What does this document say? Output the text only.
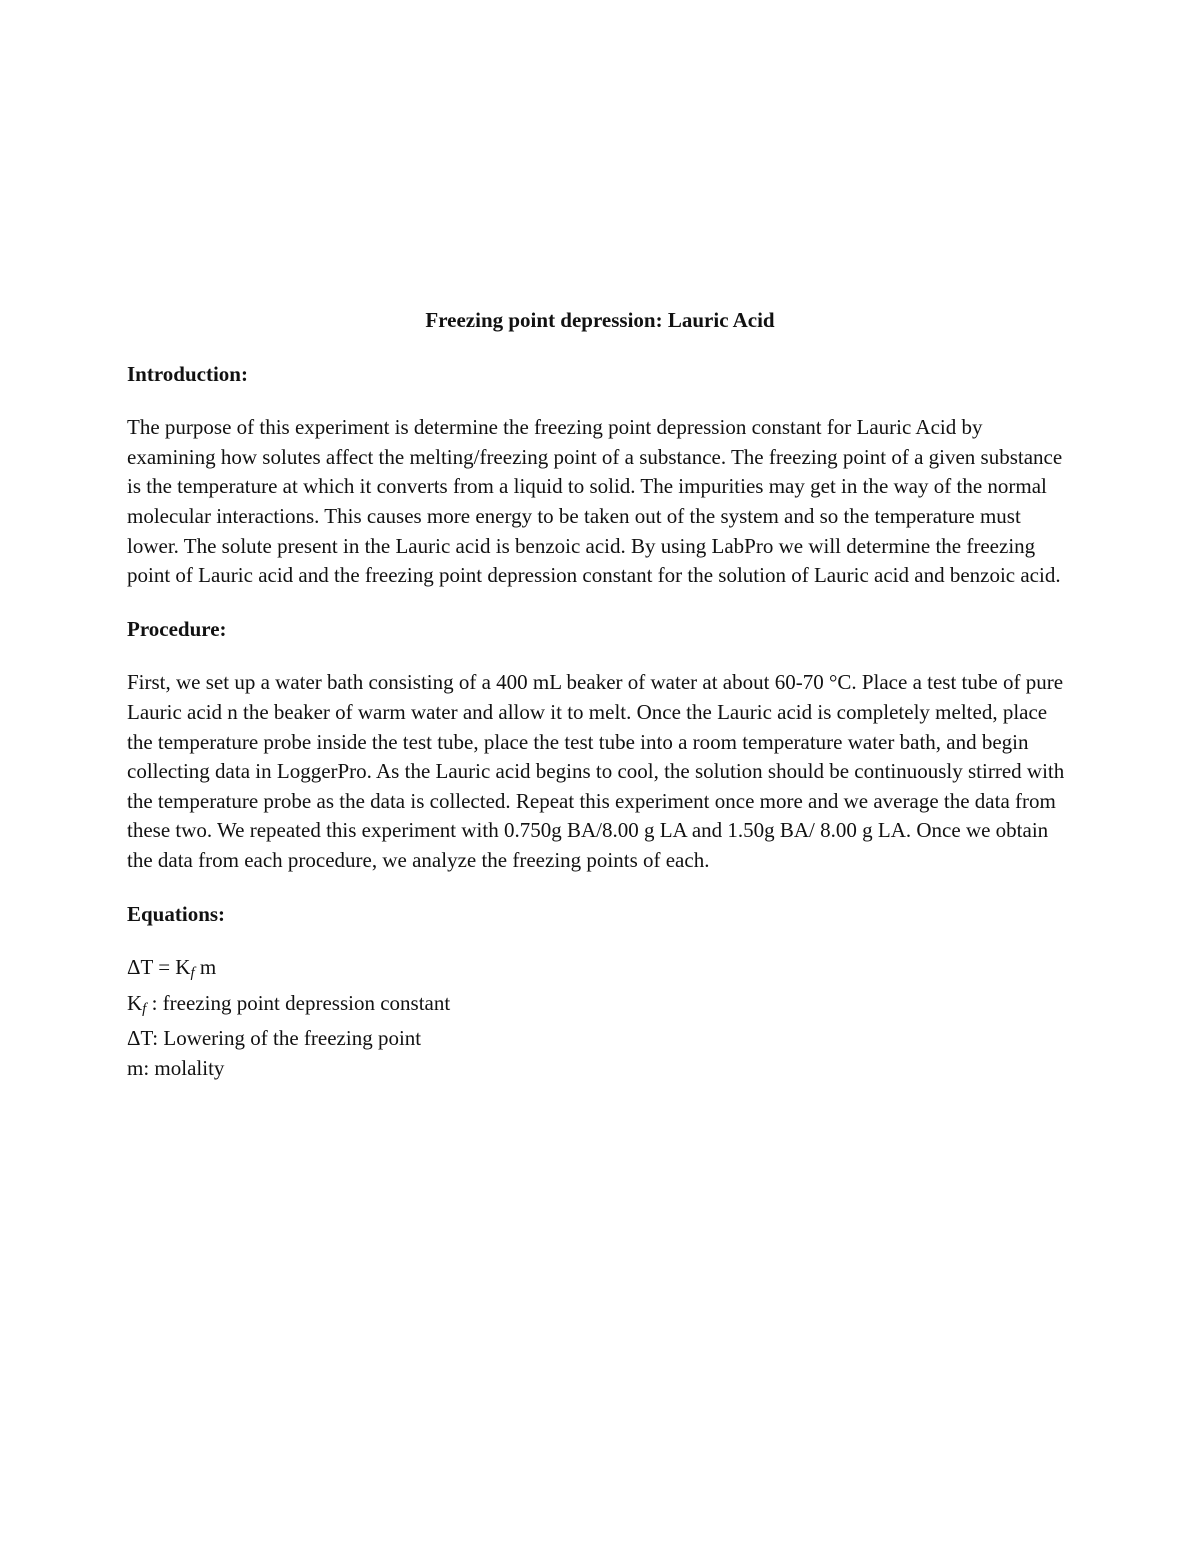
Freezing point depression: Lauric Acid

Introduction:

The purpose of this experiment is determine the freezing point depression constant for Lauric Acid by examining how solutes affect the melting/freezing point of a substance. The freezing point of a given substance is the temperature at which it converts from a liquid to solid. The impurities may get in the way of the normal molecular interactions. This causes more energy to be taken out of the system and so the temperature must lower. The solute present in the Lauric acid is benzoic acid. By using LabPro we will determine the freezing point of Lauric acid and the freezing point depression constant for the solution of Lauric acid and benzoic acid.

Procedure:

First, we set up a water bath consisting of a 400 mL beaker of water at about 60-70 °C. Place a test tube of pure Lauric acid n the beaker of warm water and allow it to melt. Once the Lauric acid is completely melted, place the temperature probe inside the test tube, place the test tube into a room temperature water bath, and begin collecting data in LoggerPro. As the Lauric acid begins to cool, the solution should be continuously stirred with the temperature probe as the data is collected. Repeat this experiment once more and we average the data from these two. We repeated this experiment with 0.750g BA/8.00 g LA and 1.50g BA/ 8.00 g LA. Once we obtain the data from each procedure, we analyze the freezing points of each.

Equations:

$\Delta T = K_f$ m

$K_f$ : freezing point depression constant

ΔT: Lowering of the freezing point

m: molality
